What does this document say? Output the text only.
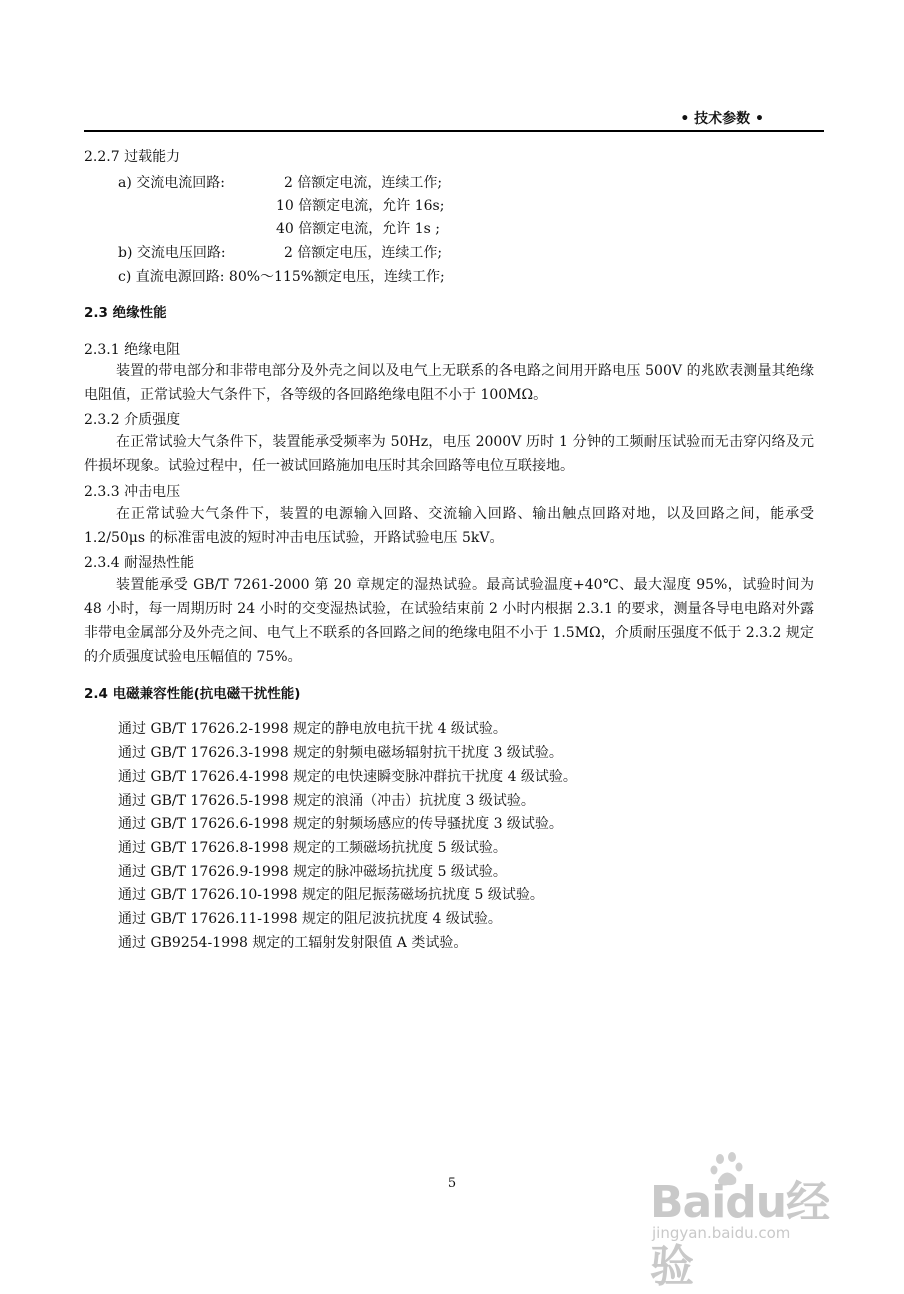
• 技术参数 •
2.2.7 过载能力
a) 交流电流回路:	2 倍额定电流，连续工作;
10 倍额定电流，允许 16s;
40 倍额定电流，允许 1s ;
b) 交流电压回路:	2 倍额定电压，连续工作;
c) 直流电源回路: 80%～115%额定电压，连续工作;
2.3 绝缘性能
2.3.1 绝缘电阻
装置的带电部分和非带电部分及外壳之间以及电气上无联系的各电路之间用开路电压 500V 的兆欧表测量其绝缘电阻值，正常试验大气条件下，各等级的各回路绝缘电阻不小于 100MΩ。
2.3.2 介质强度
在正常试验大气条件下，装置能承受频率为 50Hz，电压 2000V 历时 1 分钟的工频耐压试验而无击穿闪络及元件损坏现象。试验过程中，任一被试回路施加电压时其余回路等电位互联接地。
2.3.3 冲击电压
在正常试验大气条件下，装置的电源输入回路、交流输入回路、输出触点回路对地，以及回路之间，能承受 1.2/50μs 的标准雷电波的短时冲击电压试验，开路试验电压 5kV。
2.3.4 耐湿热性能
装置能承受 GB/T 7261-2000 第 20 章规定的湿热试验。最高试验温度+40℃、最大湿度 95%，试验时间为 48 小时，每一周期历时 24 小时的交变湿热试验，在试验结束前 2 小时内根据 2.3.1 的要求，测量各导电电路对外露非带电金属部分及外壳之间、电气上不联系的各回路之间的绝缘电阻不小于 1.5MΩ，介质耐压强度不低于 2.3.2 规定的介质强度试验电压幅值的 75%。
2.4 电磁兼容性能(抗电磁干扰性能)
通过 GB/T 17626.2-1998 规定的静电放电抗干扰 4 级试验。
通过 GB/T 17626.3-1998 规定的射频电磁场辐射抗干扰度 3 级试验。
通过 GB/T 17626.4-1998 规定的电快速瞬变脉冲群抗干扰度 4 级试验。
通过 GB/T 17626.5-1998 规定的浪涌（冲击）抗扰度 3 级试验。
通过 GB/T 17626.6-1998 规定的射频场感应的传导骚扰度 3 级试验。
通过 GB/T 17626.8-1998 规定的工频磁场抗扰度 5 级试验。
通过 GB/T 17626.9-1998 规定的脉冲磁场抗扰度 5 级试验。
通过 GB/T 17626.10-1998 规定的阻尼振荡磁场抗扰度 5 级试验。
通过 GB/T 17626.11-1998 规定的阻尼波抗扰度 4 级试验。
通过 GB9254-1998 规定的工辐射发射限值 A 类试验。
5	Baidu经验
jingyan.baidu.com
